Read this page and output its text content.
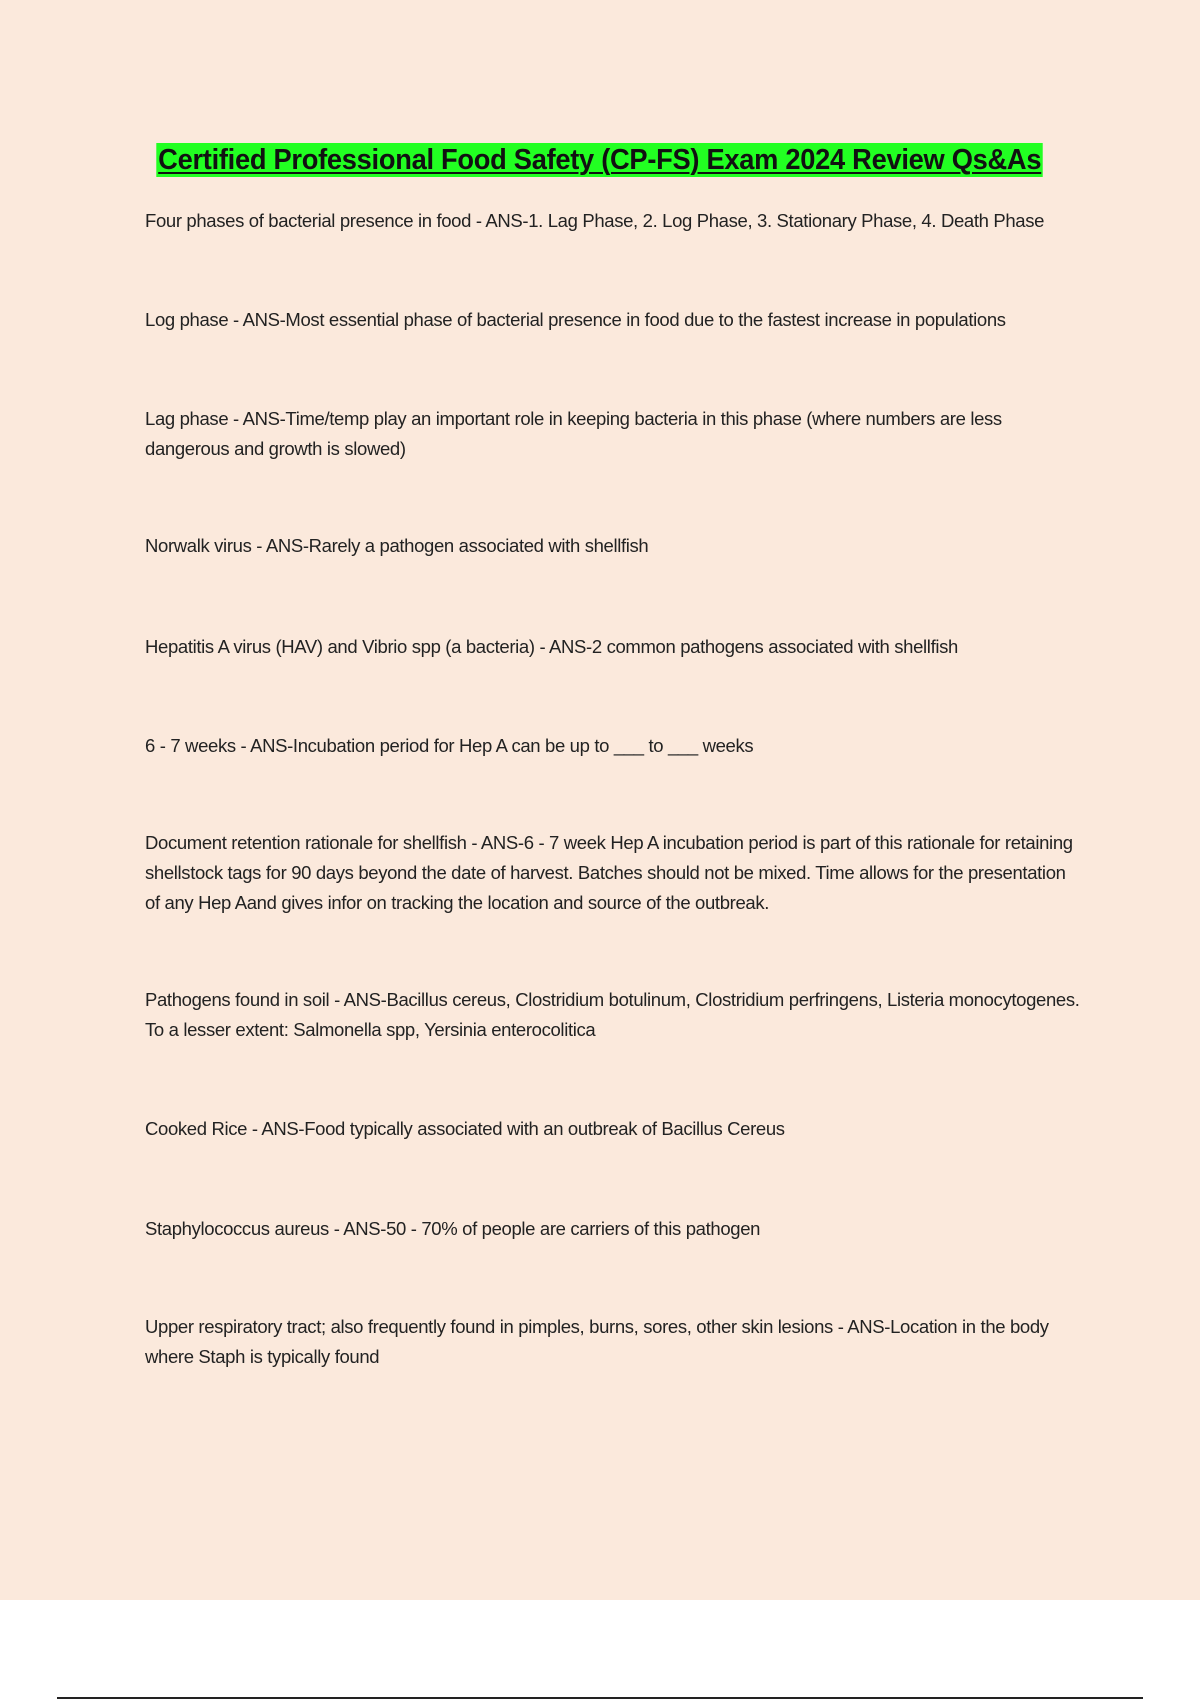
Certified Professional Food Safety (CP-FS) Exam 2024 Review Qs&As

Four phases of bacterial presence in food - ANS-1. Lag Phase, 2. Log Phase, 3. Stationary Phase, 4. Death Phase

Log phase - ANS-Most essential phase of bacterial presence in food due to the fastest increase in populations

Lag phase - ANS-Time/temp play an important role in keeping bacteria in this phase (where numbers are less dangerous and growth is slowed)

Norwalk virus - ANS-Rarely a pathogen associated with shellfish

Hepatitis A virus (HAV) and Vibrio spp (a bacteria) - ANS-2 common pathogens associated with shellfish

6 - 7 weeks - ANS-Incubation period for Hep A can be up to ___ to ___ weeks

Document retention rationale for shellfish - ANS-6 - 7 week Hep A incubation period is part of this rationale for retaining shellstock tags for 90 days beyond the date of harvest. Batches should not be mixed. Time allows for the presentation of any Hep Aand gives infor on tracking the location and source of the outbreak.

Pathogens found in soil - ANS-Bacillus cereus, Clostridium botulinum, Clostridium perfringens, Listeria monocytogenes. To a lesser extent: Salmonella spp, Yersinia enterocolitica

Cooked Rice - ANS-Food typically associated with an outbreak of Bacillus Cereus

Staphylococcus aureus - ANS-50 - 70% of people are carriers of this pathogen

Upper respiratory tract; also frequently found in pimples, burns, sores, other skin lesions - ANS-Location in the body where Staph is typically found
